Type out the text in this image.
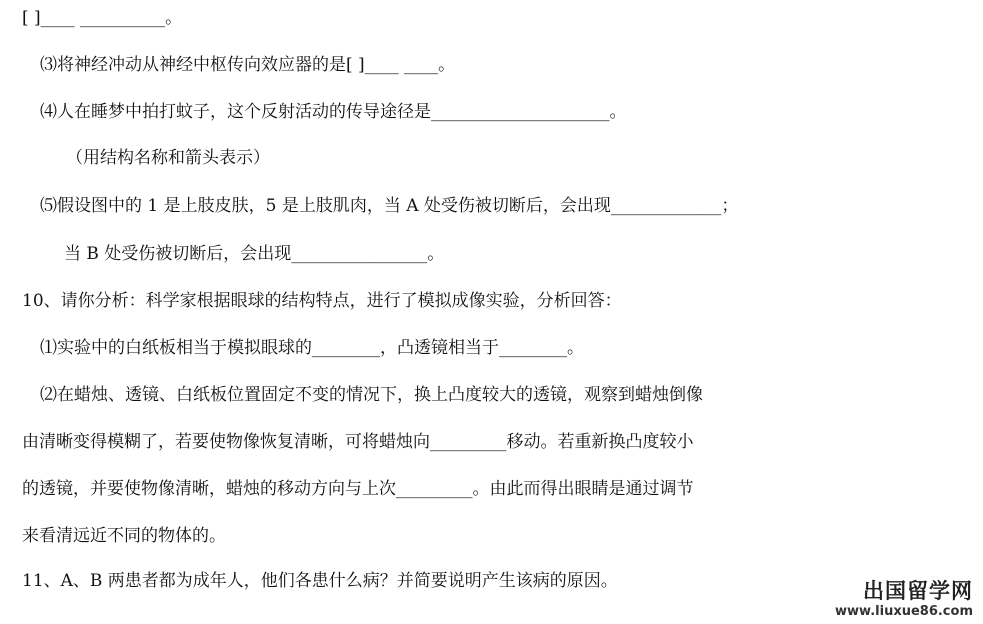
[ ]____ __________。
⑶将神经冲动从神经中枢传向效应器的是[ ]____ ____。
⑷人在睡梦中拍打蚊子，这个反射活动的传导途径是_____________________。
（用结构名称和箭头表示）
⑸假设图中的 1 是上肢皮肤，5 是上肢肌肉，当 A 处受伤被切断后，会出现_____________；
当 B 处受伤被切断后，会出现________________。
10、请你分析：科学家根据眼球的结构特点，进行了模拟成像实验，分析回答：
⑴实验中的白纸板相当于模拟眼球的________，凸透镜相当于________。
⑵在蜡烛、透镜、白纸板位置固定不变的情况下，换上凸度较大的透镜，观察到蜡烛倒像
由清晰变得模糊了，若要使物像恢复清晰，可将蜡烛向_________移动。若重新换凸度较小
的透镜，并要使物像清晰，蜡烛的移动方向与上次_________。由此而得出眼睛是通过调节
来看清远近不同的物体的。
11、A、B 两患者都为成年人，他们各患什么病？并简要说明产生该病的原因。	出国留学网
www.liuxue86.com
